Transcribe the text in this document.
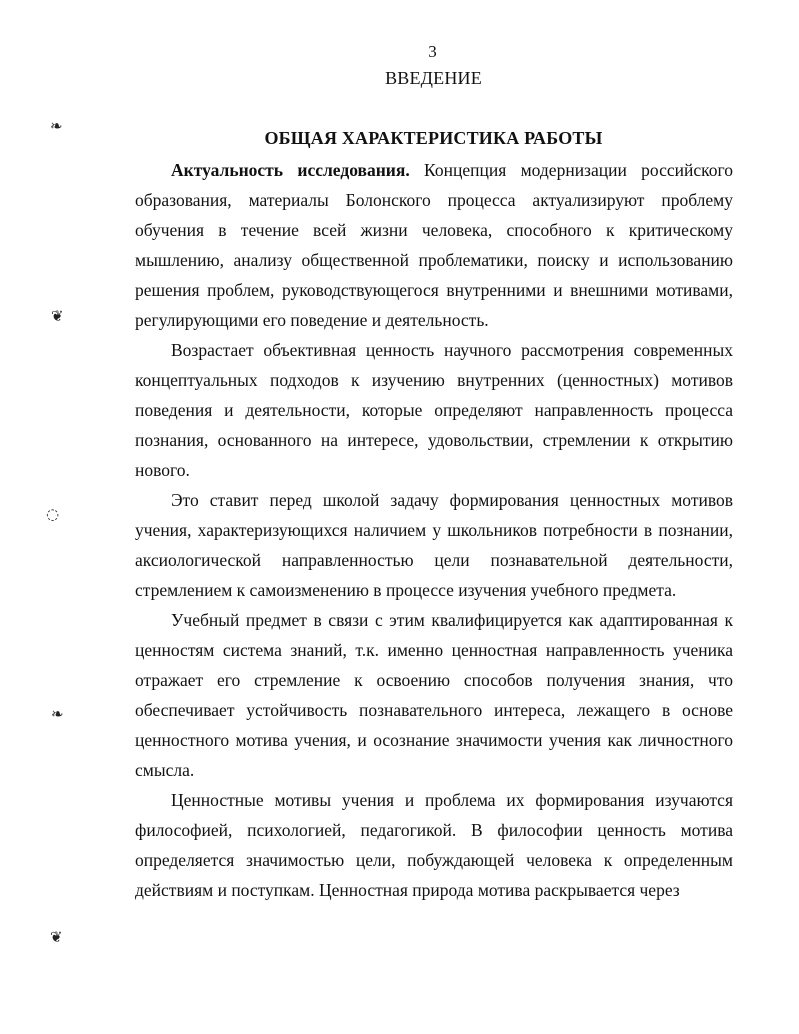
3
ВВЕДЕНИЕ
ОБЩАЯ ХАРАКТЕРИСТИКА РАБОТЫ
❧
❦
◌
❧
❦

Актуальность исследования. Концепция модернизации российского образования, материалы Болонского процесса актуализируют проблему обучения в течение всей жизни человека, способного к критическому мышлению, анализу общественной проблематики, поиску и использованию решения проблем, руководствующегося внутренними и внешними мотивами, регулирующими его поведение и деятельность.

Возрастает объективная ценность научного рассмотрения современных концептуальных подходов к изучению внутренних (ценностных) мотивов поведения и деятельности, которые определяют направленность процесса познания, основанного на интересе, удовольствии, стремлении к открытию нового.

Это ставит перед школой задачу формирования ценностных мотивов учения, характеризующихся наличием у школьников потребности в познании, аксиологической направленностью цели познавательной деятельности, стремлением к самоизменению в процессе изучения учебного предмета.

Учебный предмет в связи с этим квалифицируется как адаптированная к ценностям система знаний, т.к. именно ценностная направленность ученика отражает его стремление к освоению способов получения знания, что обеспечивает устойчивость познавательного интереса, лежащего в основе ценностного мотива учения, и осознание значимости учения как личностного смысла.

Ценностные мотивы учения и проблема их формирования изучаются философией, психологией, педагогикой. В философии ценность мотива определяется значимостью цели, побуждающей человека к определенным действиям и поступкам. Ценностная природа мотива раскрывается через
